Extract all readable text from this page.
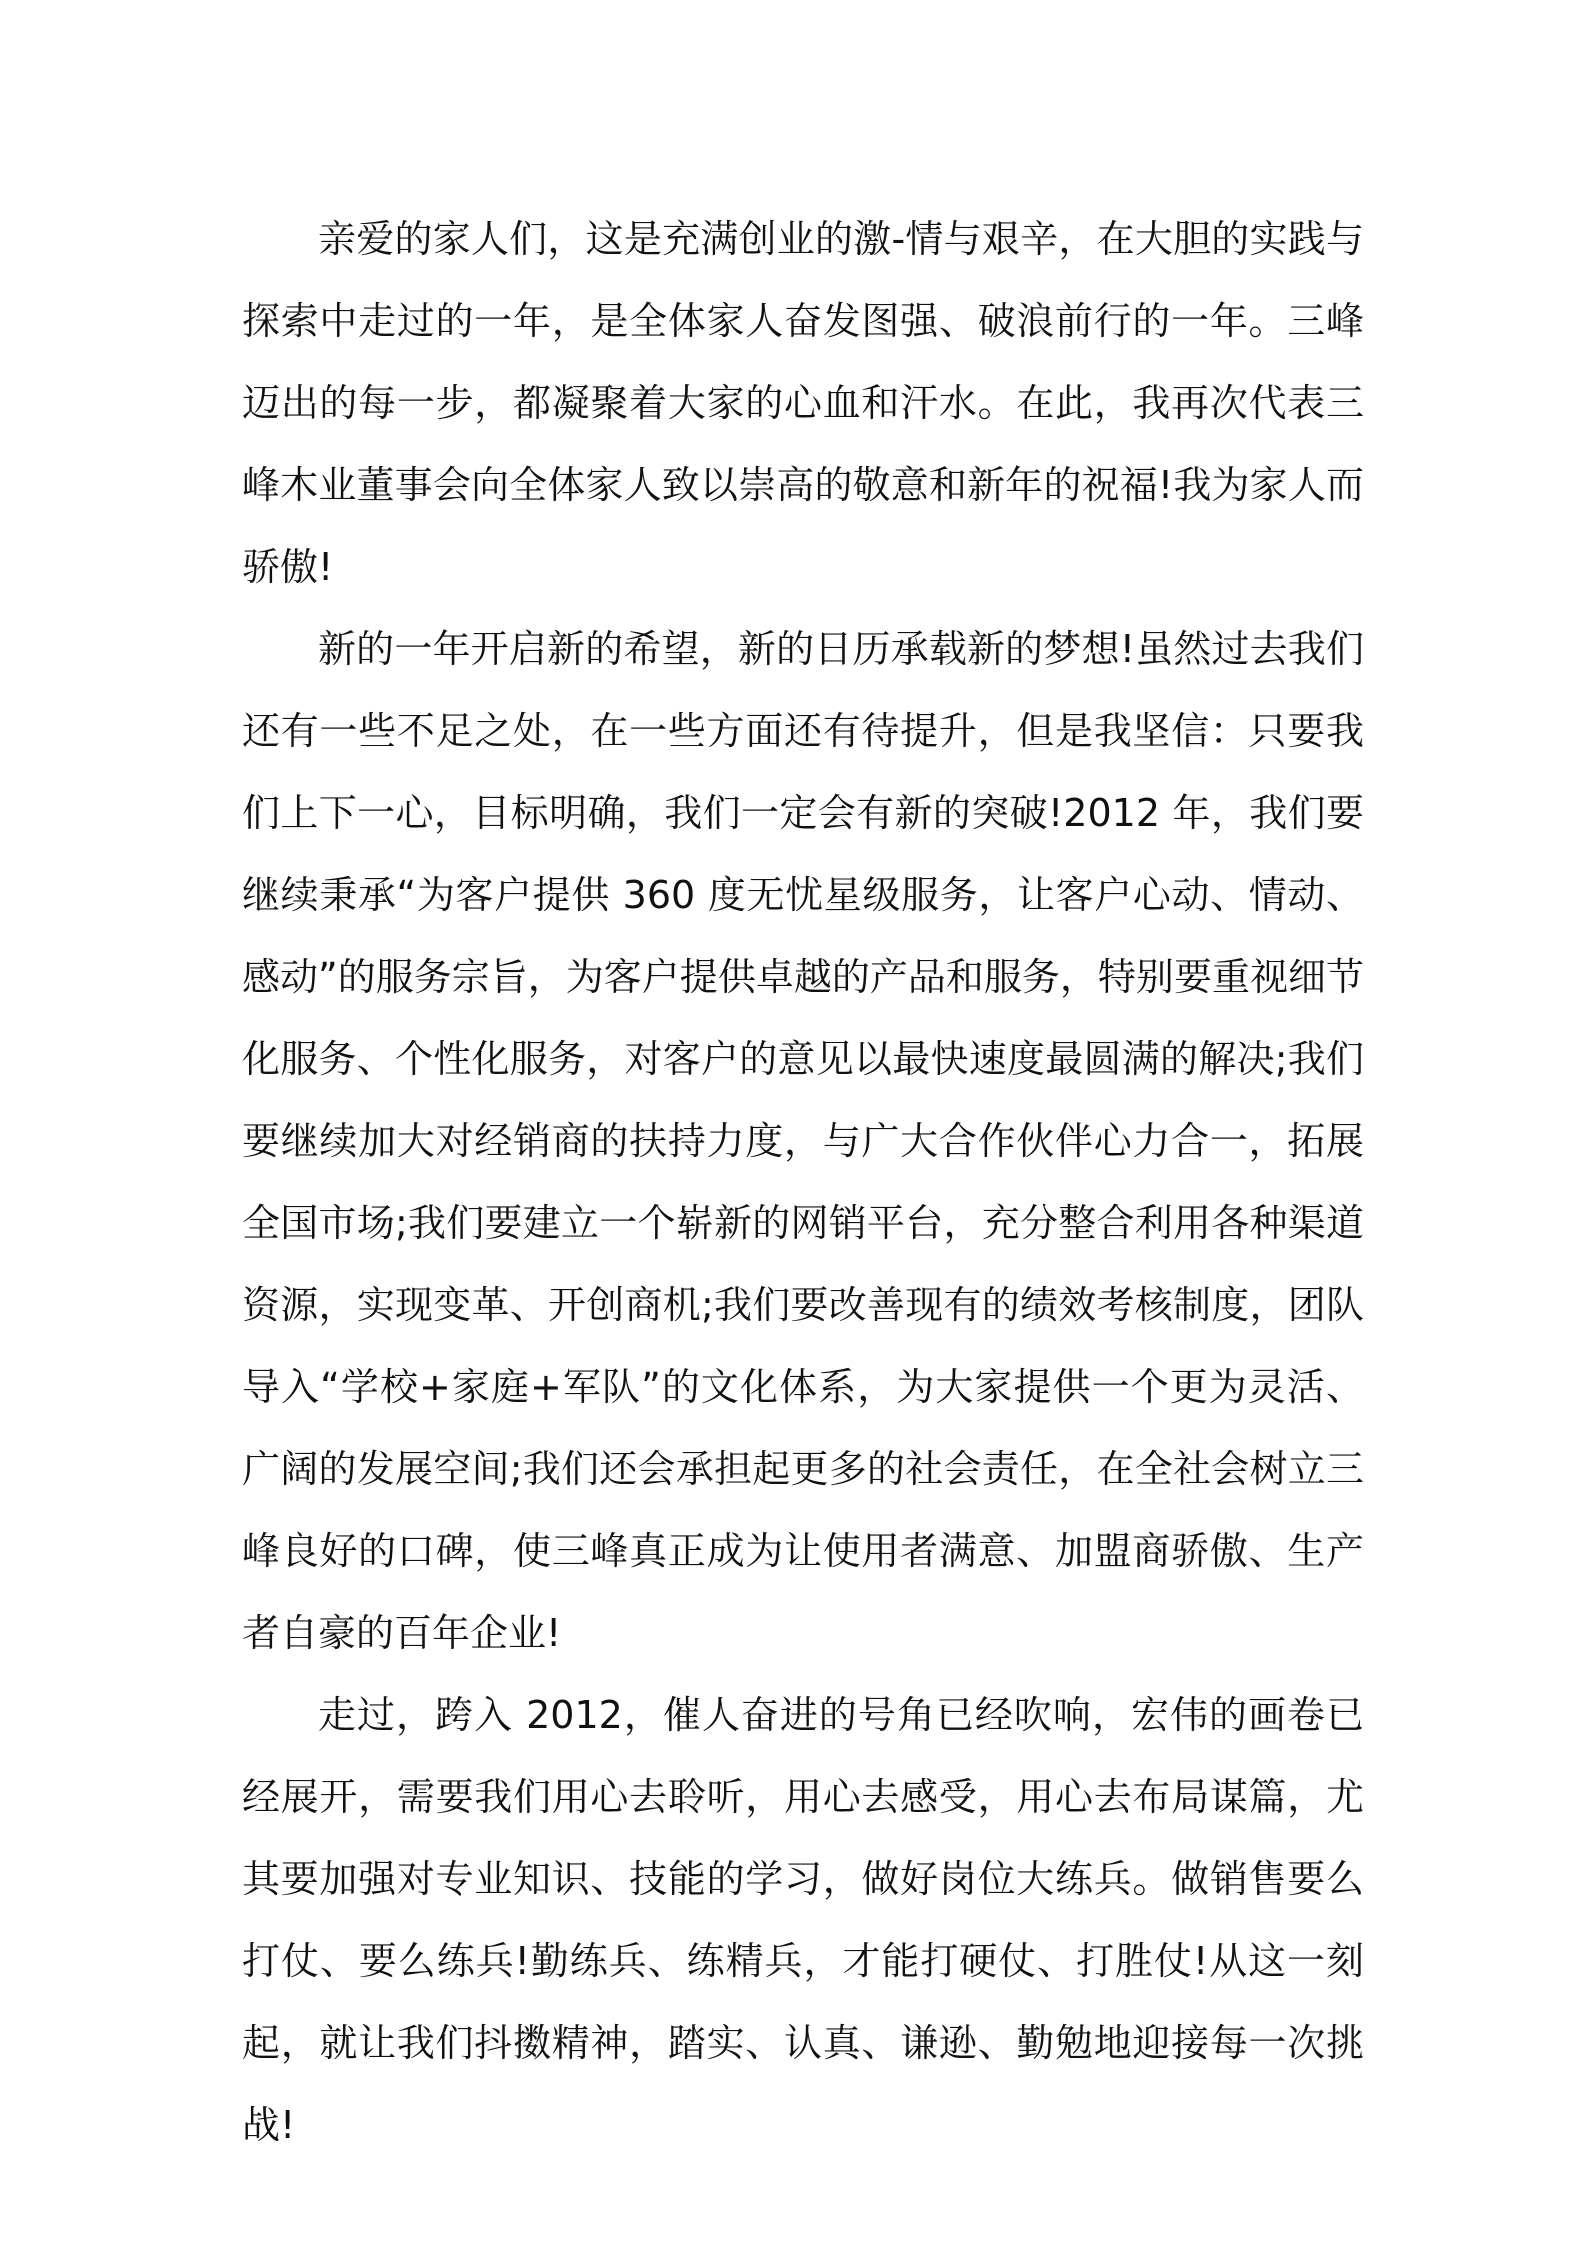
亲爱的家人们，这是充满创业的激-情与艰辛，在大胆的实践与探索中走过的一年，是全体家人奋发图强、破浪前行的一年。三峰迈出的每一步，都凝聚着大家的心血和汗水。在此，我再次代表三峰木业董事会向全体家人致以崇高的敬意和新年的祝福!我为家人而骄傲!

新的一年开启新的希望，新的日历承载新的梦想!虽然过去我们还有一些不足之处，在一些方面还有待提升，但是我坚信：只要我们上下一心，目标明确，我们一定会有新的突破!2012 年，我们要继续秉承“为客户提供 360 度无忧星级服务，让客户心动、情动、感动”的服务宗旨，为客户提供卓越的产品和服务，特别要重视细节化服务、个性化服务，对客户的意见以最快速度最圆满的解决;我们要继续加大对经销商的扶持力度，与广大合作伙伴心力合一，拓展全国市场;我们要建立一个崭新的网销平台，充分整合利用各种渠道资源，实现变革、开创商机;我们要改善现有的绩效考核制度，团队导入“学校+家庭+军队”的文化体系，为大家提供一个更为灵活、广阔的发展空间;我们还会承担起更多的社会责任，在全社会树立三峰良好的口碑，使三峰真正成为让使用者满意、加盟商骄傲、生产者自豪的百年企业!

走过，跨入 2012，催人奋进的号角已经吹响，宏伟的画卷已经展开，需要我们用心去聆听，用心去感受，用心去布局谋篇，尤其要加强对专业知识、技能的学习，做好岗位大练兵。做销售要么打仗、要么练兵!勤练兵、练精兵，才能打硬仗、打胜仗!从这一刻起，就让我们抖擞精神，踏实、认真、谦逊、勤勉地迎接每一次挑战!
